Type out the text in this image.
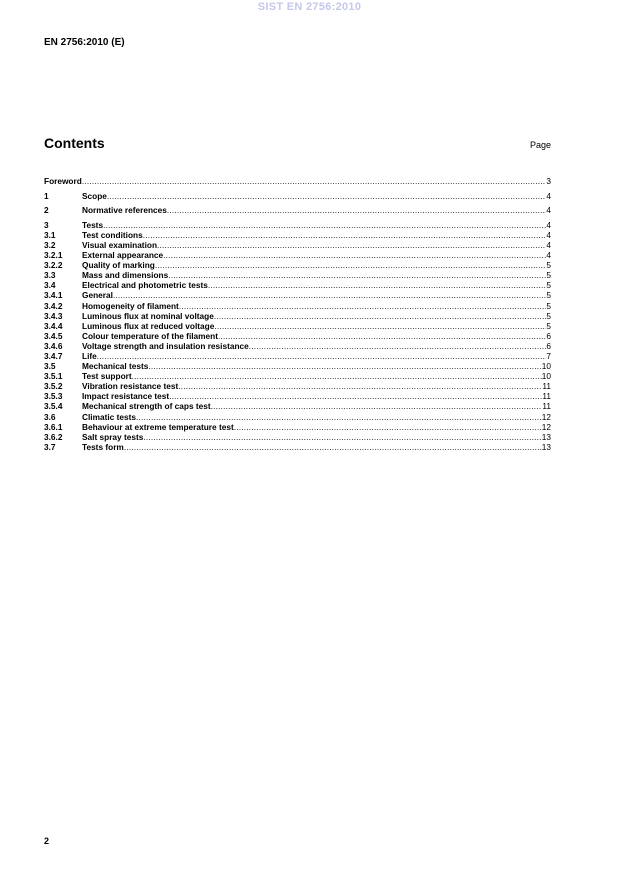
SIST EN 2756:2010
EN 2756:2010 (E)
Contents	Page
Foreword .....	3
1	Scope .....	4
2	Normative references .....	4
3	Tests .....	4
3.1	Test conditions .....	4
3.2	Visual examination .....	4
3.2.1	External appearance .....	4
3.2.2	Quality of marking .....	5
3.3	Mass and dimensions .....	5
3.4	Electrical and photometric tests .....	5
3.4.1	General .....	5
3.4.2	Homogeneity of filament .....	5
3.4.3	Luminous flux at nominal voltage .....	5
3.4.4	Luminous flux at reduced voltage .....	5
3.4.5	Colour temperature of the filament .....	6
3.4.6	Voltage strength and insulation resistance .....	6
3.4.7	Life .....	7
3.5	Mechanical tests .....	10
3.5.1	Test support .....	10
3.5.2	Vibration resistance test .....	11
3.5.3	Impact resistance test .....	11
3.5.4	Mechanical strength of caps test .....	11
3.6	Climatic tests .....	12
3.6.1	Behaviour at extreme temperature test .....	12
3.6.2	Salt spray tests .....	13
3.7	Tests form .....	13
2
